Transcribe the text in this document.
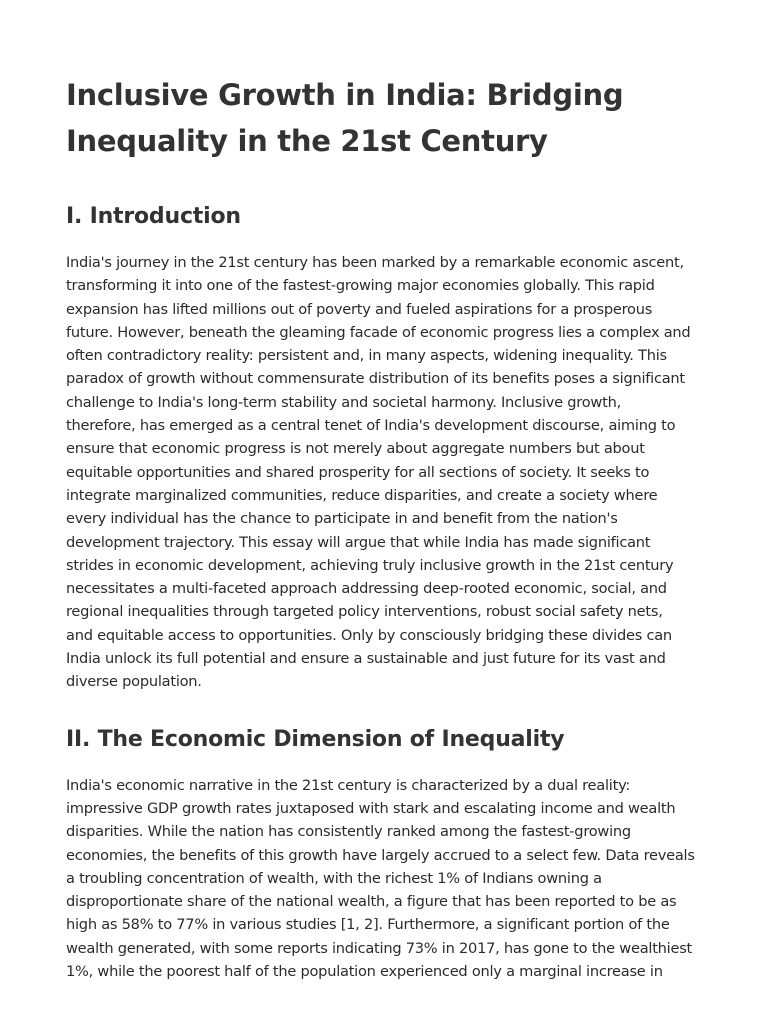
Inclusive Growth in India: Bridging
Inequality in the 21st Century
I. Introduction

India's journey in the 21st century has been marked by a remarkable economic ascent,
transforming it into one of the fastest-growing major economies globally. This rapid
expansion has lifted millions out of poverty and fueled aspirations for a prosperous
future. However, beneath the gleaming facade of economic progress lies a complex and
often contradictory reality: persistent and, in many aspects, widening inequality. This
paradox of growth without commensurate distribution of its benefits poses a significant
challenge to India's long-term stability and societal harmony. Inclusive growth,
therefore, has emerged as a central tenet of India's development discourse, aiming to
ensure that economic progress is not merely about aggregate numbers but about
equitable opportunities and shared prosperity for all sections of society. It seeks to
integrate marginalized communities, reduce disparities, and create a society where
every individual has the chance to participate in and benefit from the nation's
development trajectory. This essay will argue that while India has made significant
strides in economic development, achieving truly inclusive growth in the 21st century
necessitates a multi-faceted approach addressing deep-rooted economic, social, and
regional inequalities through targeted policy interventions, robust social safety nets,
and equitable access to opportunities. Only by consciously bridging these divides can
India unlock its full potential and ensure a sustainable and just future for its vast and
diverse population.

II. The Economic Dimension of Inequality

India's economic narrative in the 21st century is characterized by a dual reality:
impressive GDP growth rates juxtaposed with stark and escalating income and wealth
disparities. While the nation has consistently ranked among the fastest-growing
economies, the benefits of this growth have largely accrued to a select few. Data reveals
a troubling concentration of wealth, with the richest 1% of Indians owning a
disproportionate share of the national wealth, a figure that has been reported to be as
high as 58% to 77% in various studies [1, 2]. Furthermore, a significant portion of the
wealth generated, with some reports indicating 73% in 2017, has gone to the wealthiest
1%, while the poorest half of the population experienced only a marginal increase in
